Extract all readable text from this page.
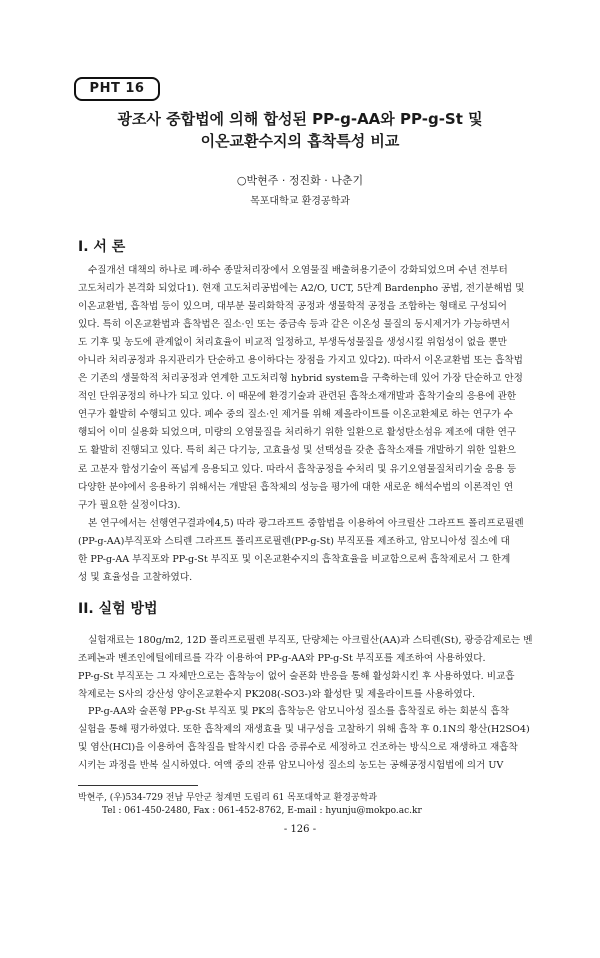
PHT 16
광조사 중합법에 의해 합성된 PP-g-AA와 PP-g-St 및
이온교환수지의 흡착특성 비교
○박현주 · 정진화 · 나춘기
목포대학교 환경공학과
I. 서 론
수질개선 대책의 하나로 폐·하수 종말처리장에서 오염물질 배출허용기준이 강화되었으며 수년 전부터
고도처리가 본격화 되었다1). 현재 고도처리공법에는 A2/O, UCT, 5단계 Bardenpho 공법, 전기분해법 및
이온교환법, 흡착법 등이 있으며, 대부분 물리화학적 공정과 생물학적 공정을 조합하는 형태로 구성되어
있다. 특히 이온교환법과 흡착법은 질소·인 또는 중금속 등과 같은 이온성 물질의 동시제거가 가능하면서
도 기후 및 농도에 관계없이 처리효율이 비교적 일정하고, 부생독성물질을 생성시킬 위험성이 없을 뿐만
아니라 처리공정과 유지관리가 단순하고 용이하다는 장점을 가지고 있다2). 따라서 이온교환법 또는 흡착법
은 기존의 생물학적 처리공정과 연계한 고도처리형 hybrid system을 구축하는데 있어 가장 단순하고 안정
적인 단위공정의 하나가 되고 있다. 이 때문에 환경기술과 관련된 흡착소재개발과 흡착기술의 응용에 관한
연구가 활발히 수행되고 있다. 폐수 중의 질소·인 제거를 위해 제올라이트를 이온교환체로 하는 연구가 수
행되어 이미 실용화 되었으며, 미량의 오염물질을 처리하기 위한 일환으로 활성탄소섬유 제조에 대한 연구
도 활발히 진행되고 있다. 특히 최근 다기능, 고효율성 및 선택성을 갖춘 흡착소재를 개발하기 위한 일환으
로 고분자 합성기술이 폭넓게 응용되고 있다. 따라서 흡착공정을 수처리 및 유기오염물질처리기술 응용 등
다양한 분야에서 응용하기 위해서는 개발된 흡착체의 성능을 평가에 대한 새로운 해석수법의 이론적인 연
구가 필요한 실정이다3).
본 연구에서는 선행연구결과에4,5) 따라 광그라프트 중합법을 이용하여 아크릴산 그라프트 폴리프로필렌
(PP-g-AA)부직포와 스티렌 그라프트 폴리프로필렌(PP-g-St) 부직포를 제조하고, 암모니아성 질소에 대
한 PP-g-AA 부직포와 PP-g-St 부직포 및 이온교환수지의 흡착효율을 비교함으로써 흡착제로서 그 한계
성 및 효율성을 고찰하였다.
II. 실험 방법
실험재료는 180g/m2, 12D 폴리프로필렌 부직포, 단량체는 아크릴산(AA)과 스티렌(St), 광증감제로는 벤
조페논과 벤조인에틸에테르를 각각 이용하여 PP-g-AA와 PP-g-St 부직포를 제조하여 사용하였다.
PP-g-St 부직포는 그 자체만으로는 흡착능이 없어 술폰화 반응을 통해 활성화시킨 후 사용하였다. 비교흡
착제로는 S사의 강산성 양이온교환수지 PK208(-SO3-)와 활성탄 및 제올라이트를 사용하였다.
PP-g-AA와 술폰형 PP-g-St 부직포 및 PK의 흡착능은 암모니아성 질소를 흡착질로 하는 회분식 흡착
실험을 통해 평가하였다. 또한 흡착제의 재생효율 및 내구성을 고찰하기 위해 흡착 후 0.1N의 황산(H2SO4)
및 염산(HCl)을 이용하여 흡착질을 탈착시킨 다음 증류수로 세정하고 건조하는 방식으로 재생하고 재흡착
시키는 과정을 반복 실시하였다. 여액 중의 잔류 암모니아성 질소의 농도는 공해공정시험법에 의거 UV
박현주, (우)534-729 전남 무안군 청계면 도림리 61 목포대학교 환경공학과
Tel : 061-450-2480, Fax : 061-452-8762, E-mail : hyunju@mokpo.ac.kr
- 126 -
